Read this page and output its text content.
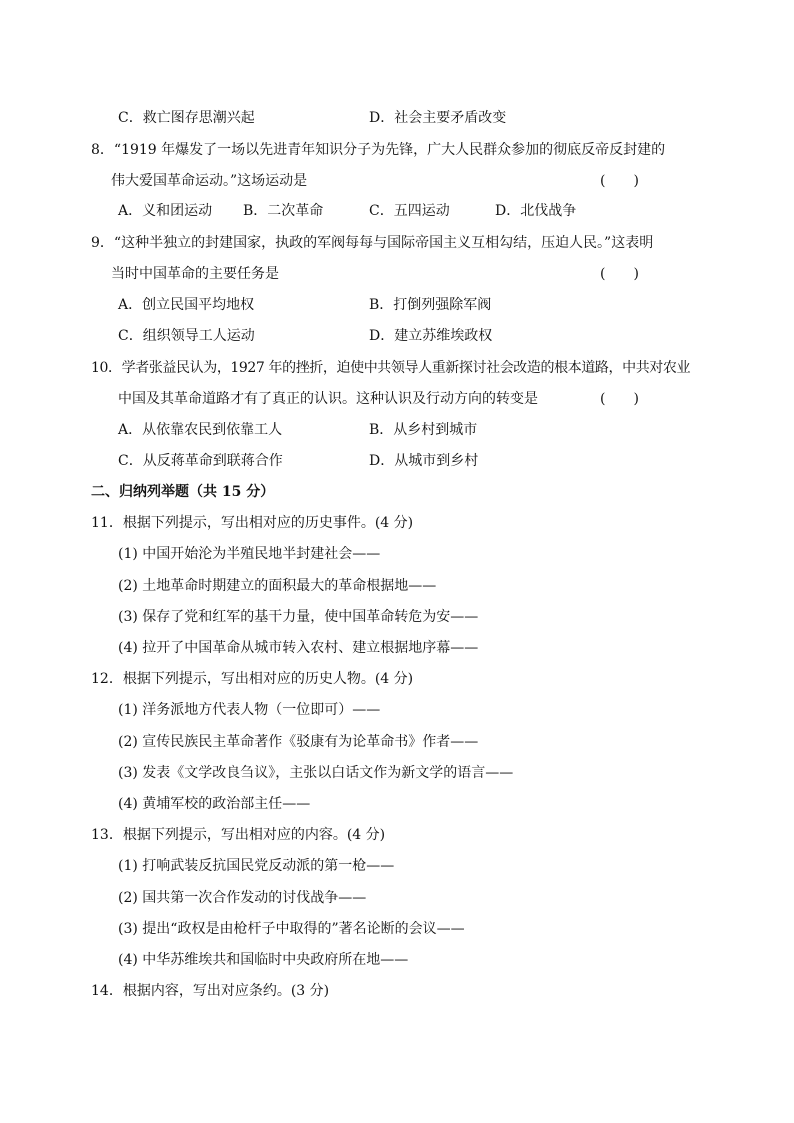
C．救亡图存思潮兴起	D．社会主要矛盾改变
8．“1919 年爆发了一场以先进青年知识分子为先锋，广大人民群众参加的彻底反帝反封建的
伟大爱国革命运动。”这场运动是	(　　)
A．义和团运动 B．二次革命	C．五四运动	D．北伐战争
9．“这种半独立的封建国家，执政的军阀每每与国际帝国主义互相勾结，压迫人民。”这表明
当时中国革命的主要任务是	(　　)
A．创立民国平均地权	B．打倒列强除军阀
C．组织领导工人运动	D．建立苏维埃政权
10．学者张益民认为，1927 年的挫折，迫使中共领导人重新探讨社会改造的根本道路，中共对农业
中国及其革命道路才有了真正的认识。这种认识及行动方向的转变是	(　　)
A．从依靠农民到依靠工人	B．从乡村到城市
C．从反蒋革命到联蒋合作	D．从城市到乡村
二、归纳列举题（共 15 分）
11．根据下列提示，写出相对应的历史事件。(4 分)
(1) 中国开始沦为半殖民地半封建社会——
(2) 土地革命时期建立的面积最大的革命根据地——
(3) 保存了党和红军的基干力量，使中国革命转危为安——
(4) 拉开了中国革命从城市转入农村、建立根据地序幕——
12．根据下列提示，写出相对应的历史人物。(4 分)
(1) 洋务派地方代表人物（一位即可）——
(2) 宣传民族民主革命著作《驳康有为论革命书》作者——
(3) 发表《文学改良刍议》，主张以白话文作为新文学的语言——
(4) 黄埔军校的政治部主任——
13．根据下列提示，写出相对应的内容。(4 分)
(1) 打响武装反抗国民党反动派的第一枪——
(2) 国共第一次合作发动的讨伐战争——
(3) 提出“政权是由枪杆子中取得的”著名论断的会议——
(4) 中华苏维埃共和国临时中央政府所在地——
14．根据内容，写出对应条约。(3 分)
